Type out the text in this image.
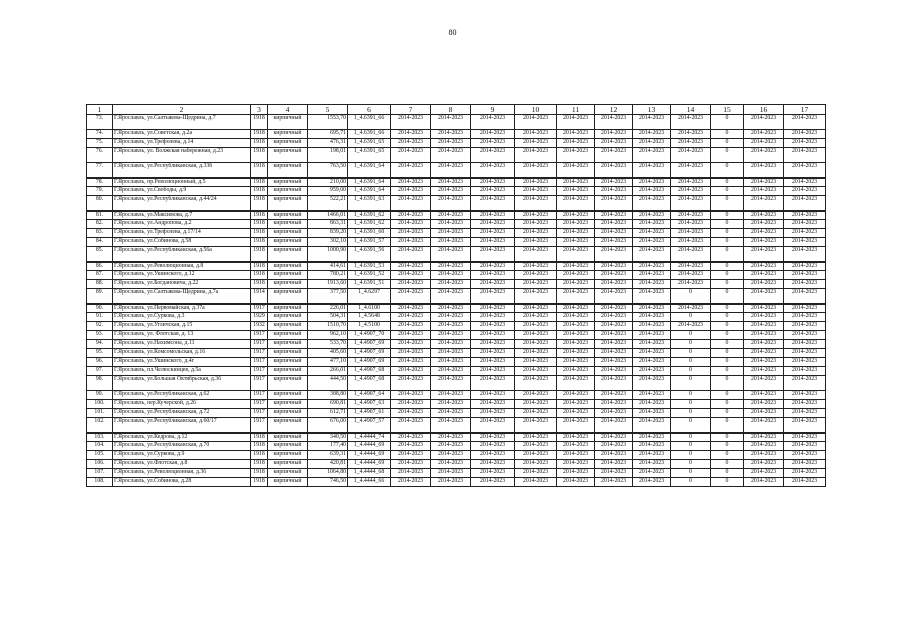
80
1	2	3	4	5	6	7	8	9	10	11	12	13	14	15	16	17
73.	Г.Ярославль, ул.Салтыкова-Щедрина, д.7	1918	кирпичный	1553,70	1_4.6391_66	2014-2023	2014-2023	2014-2023	2014-2023	2014-2023	2014-2023	2014-2023	2014-2023	0	2014-2023	2014-2023
74.	Г.Ярославль, ул.Советская, д.2а	1918	кирпичный	695,71	1_4.6391_66	2014-2023	2014-2023	2014-2023	2014-2023	2014-2023	2014-2023	2014-2023	2014-2023	0	2014-2023	2014-2023
75.	Г.Ярославль, ул.Трефолева, д.14	1918	кирпичный	476,31	1_4.6391_65	2014-2023	2014-2023	2014-2023	2014-2023	2014-2023	2014-2023	2014-2023	2014-2023	0	2014-2023	2014-2023
76.	Г.Ярославль, ул. Волжская набережная, д.23	1918	кирпичный	198,01	1_4.6391_65	2014-2023	2014-2023	2014-2023	2014-2023	2014-2023	2014-2023	2014-2023	2014-2023	0	2014-2023	2014-2023
77.	Г.Ярославль, ул.Республиканская, д.33б	1918	кирпичный	763,50	1_4.6391_64	2014-2023	2014-2023	2014-2023	2014-2023	2014-2023	2014-2023	2014-2023	2014-2023	0	2014-2023	2014-2023
78.	Г.Ярославль, пр.Революционный, д.5	1918	кирпичный	210,00	1_4.6391_64	2014-2023	2014-2023	2014-2023	2014-2023	2014-2023	2014-2023	2014-2023	2014-2023	0	2014-2023	2014-2023
79.	Г.Ярославль, ул.Свободы, д.9	1918	кирпичный	959,00	1_4.6391_64	2014-2023	2014-2023	2014-2023	2014-2023	2014-2023	2014-2023	2014-2023	2014-2023	0	2014-2023	2014-2023
80.	Г.Ярославль, ул.Республиканская, д.44/24	1918	кирпичный	522,21	1_4.6391_63	2014-2023	2014-2023	2014-2023	2014-2023	2014-2023	2014-2023	2014-2023	2014-2023	0	2014-2023	2014-2023
81.	Г.Ярославль, ул.Максимова, д.7	1918	кирпичный	1466,01	1_4.6391_62	2014-2023	2014-2023	2014-2023	2014-2023	2014-2023	2014-2023	2014-2023	2014-2023	0	2014-2023	2014-2023
82.	Г.Ярославль, ул.Андропова, д.2	1918	кирпичный	863,31	1_4.6391_62	2014-2023	2014-2023	2014-2023	2014-2023	2014-2023	2014-2023	2014-2023	2014-2023	0	2014-2023	2014-2023
83.	Г.Ярославль, ул.Трефолева, д.17/14	1918	кирпичный	839,20	1_4.6391_60	2014-2023	2014-2023	2014-2023	2014-2023	2014-2023	2014-2023	2014-2023	2014-2023	0	2014-2023	2014-2023
84.	Г.Ярославль, ул.Собинова, д.58	1918	кирпичный	302,10	1_4.6391_57	2014-2023	2014-2023	2014-2023	2014-2023	2014-2023	2014-2023	2014-2023	2014-2023	0	2014-2023	2014-2023
85.	Г.Ярославль, ул.Республиканская, д.56а	1918	кирпичный	1000,90	1_4.6391_56	2014-2023	2014-2023	2014-2023	2014-2023	2014-2023	2014-2023	2014-2023	2014-2023	0	2014-2023	2014-2023
86.	Г.Ярославль, ул.Революционная, д.8	1918	кирпичный	414,61	1_4.6391_53	2014-2023	2014-2023	2014-2023	2014-2023	2014-2023	2014-2023	2014-2023	2014-2023	0	2014-2023	2014-2023
87.	Г.Ярославль, ул.Ушинского, д.12	1918	кирпичный	780,21	1_4.6391_52	2014-2023	2014-2023	2014-2023	2014-2023	2014-2023	2014-2023	2014-2023	2014-2023	0	2014-2023	2014-2023
88.	Г.Ярославль, ул.Богдановича, д.22	1918	кирпичный	1913,60	1_4.6391_51	2014-2023	2014-2023	2014-2023	2014-2023	2014-2023	2014-2023	2014-2023	2014-2023	0	2014-2023	2014-2023
89.	Г.Ярославль, ул.Салтыкова-Щедрина, д.7а	1914	кирпичный	377,50	1_4.6297	2014-2023	2014-2023	2014-2023	2014-2023	2014-2023	2014-2023	2014-2023	0	0	2014-2023	2014-2023
90.	Г.Ярославль, ул.Первомайская, д.37а	1917	кирпичный	226,01	1_4.6100	2014-2023	2014-2023	2014-2023	2014-2023	2014-2023	2014-2023	2014-2023	2014-2023	0	2014-2023	2014-2023
91.	Г.Ярославль, ул.Суркова, д.3	1929	кирпичный	504,31	1_4.5648	2014-2023	2014-2023	2014-2023	2014-2023	2014-2023	2014-2023	2014-2023	0	0	2014-2023	2014-2023
92.	Г.Ярославль, ул.Угличская, д.15	1932	кирпичный	1510,70	1_4.5100	2014-2023	2014-2023	2014-2023	2014-2023	2014-2023	2014-2023	2014-2023	2014-2023	0	2014-2023	2014-2023
93.	Г.Ярославль, ул. Флотская, д. 13	1917	кирпичный	962,10	1_4.4907_70	2014-2023	2014-2023	2014-2023	2014-2023	2014-2023	2014-2023	2014-2023	0	0	2014-2023	2014-2023
94.	Г.Ярославль, ул.Нахимсона, д.11	1917	кирпичный	533,70	1_4.4907_69	2014-2023	2014-2023	2014-2023	2014-2023	2014-2023	2014-2023	2014-2023	0	0	2014-2023	2014-2023
95.	Г.Ярославль, ул.Комсомольская, д.16	1917	кирпичный	405,60	1_4.4907_69	2014-2023	2014-2023	2014-2023	2014-2023	2014-2023	2014-2023	2014-2023	0	0	2014-2023	2014-2023
96.	Г.Ярославль, ул.Ушинского, д.4г	1917	кирпичный	477,10	1_4.4907_69	2014-2023	2014-2023	2014-2023	2014-2023	2014-2023	2014-2023	2014-2023	0	0	2014-2023	2014-2023
97.	Г.Ярославль, пл.Челюскинцев, д.5а	1917	кирпичный	266,01	1_4.4907_68	2014-2023	2014-2023	2014-2023	2014-2023	2014-2023	2014-2023	2014-2023	0	0	2014-2023	2014-2023
98.	Г.Ярославль, ул.Большая Октябрьская, д.36	1917	кирпичный	444,50	1_4.4907_68	2014-2023	2014-2023	2014-2023	2014-2023	2014-2023	2014-2023	2014-2023	0	0	2014-2023	2014-2023
99.	Г.Ярославль, ул.Республиканская, д.62	1917	кирпичный	388,80	1_4.4907_64	2014-2023	2014-2023	2014-2023	2014-2023	2014-2023	2014-2023	2014-2023	0	0	2014-2023	2014-2023
100.	Г.Ярославль, пер.Кучерской, д.26	1917	кирпичный	690,81	1_4.4907_63	2014-2023	2014-2023	2014-2023	2014-2023	2014-2023	2014-2023	2014-2023	0	0	2014-2023	2014-2023
101.	Г.Ярославль, ул.Республиканская, д.72	1917	кирпичный	612,71	1_4.4907_61	2014-2023	2014-2023	2014-2023	2014-2023	2014-2023	2014-2023	2014-2023	0	0	2014-2023	2014-2023
102.	Г.Ярославль, ул.Республиканская, д.60/17	1917	кирпичный	676,00	1_4.4907_57	2014-2023	2014-2023	2014-2023	2014-2023	2014-2023	2014-2023	2014-2023	0	0	2014-2023	2014-2023
103.	Г.Ярославль, ул.Кедрова, д.12	1918	кирпичный	340,50	1_4.4444_74	2014-2023	2014-2023	2014-2023	2014-2023	2014-2023	2014-2023	2014-2023	0	0	2014-2023	2014-2023
104.	Г.Ярославль, ул.Республиканская, д.70	1918	кирпичный	177,40	1_4.4444_69	2014-2023	2014-2023	2014-2023	2014-2023	2014-2023	2014-2023	2014-2023	0	0	2014-2023	2014-2023
105.	Г.Ярославль, ул.Суркова, д.9	1918	кирпичный	639,31	1_4.4444_69	2014-2023	2014-2023	2014-2023	2014-2023	2014-2023	2014-2023	2014-2023	0	0	2014-2023	2014-2023
106.	Г.Ярославль, ул.Флотская, д.8	1918	кирпичный	420,81	1_4.4444_69	2014-2023	2014-2023	2014-2023	2014-2023	2014-2023	2014-2023	2014-2023	0	0	2014-2023	2014-2023
107.	Г.Ярославль, ул.Революционная, д.36	1918	кирпичный	1064,80	1_4.4444_68	2014-2023	2014-2023	2014-2023	2014-2023	2014-2023	2014-2023	2014-2023	0	0	2014-2023	2014-2023
108.	Г.Ярославль, ул.Собинова, д.28	1918	кирпичный	746,50	1_4.4444_66	2014-2023	2014-2023	2014-2023	2014-2023	2014-2023	2014-2023	2014-2023	0	0	2014-2023	2014-2023
